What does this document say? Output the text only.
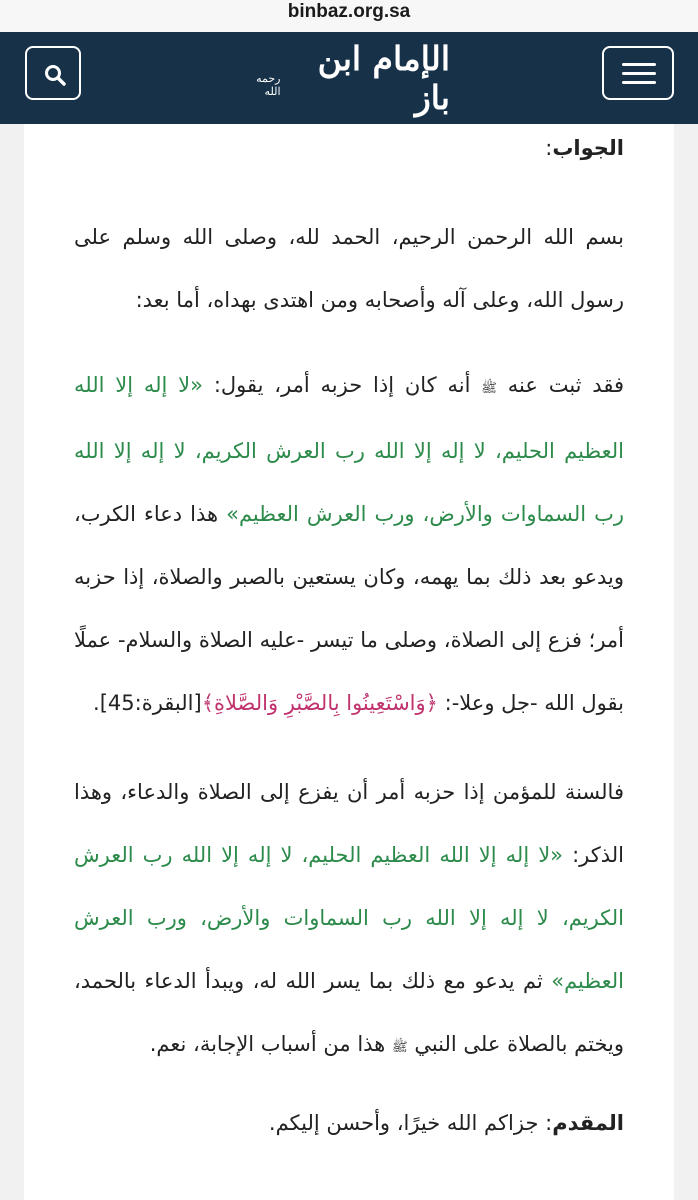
binbaz.org.sa
الإمام ابن باز
رحمه الله
الجواب:

بسم الله الرحمن الرحيم، الحمد لله، وصلى الله وسلم على رسول الله، وعلى آله وأصحابه ومن اهتدى بهداه، أما بعد:

فقد ثبت عنه ﷺ أنه كان إذا حزبه أمر، يقول: «لا إله إلا الله العظيم الحليم، لا إله إلا الله رب العرش الكريم، لا إله إلا الله رب السماوات والأرض، ورب العرش العظيم» هذا دعاء الكرب، ويدعو بعد ذلك بما يهمه، وكان يستعين بالصبر والصلاة، إذا حزبه أمر؛ فزع إلى الصلاة، وصلى ما تيسر -عليه الصلاة والسلام- عملًا بقول الله -جل وعلا-: ﴿وَاسْتَعِينُوا بِالصَّبْرِ وَالصَّلاةِ﴾[البقرة:45].

فالسنة للمؤمن إذا حزبه أمر أن يفزع إلى الصلاة والدعاء، وهذا الذكر: «لا إله إلا الله العظيم الحليم، لا إله إلا الله رب العرش الكريم، لا إله إلا الله رب السماوات والأرض، ورب العرش العظيم» ثم يدعو مع ذلك بما يسر الله له، ويبدأ الدعاء بالحمد، ويختم بالصلاة على النبي ﷺ هذا من أسباب الإجابة، نعم.

المقدم: جزاكم الله خيرًا، وأحسن إليكم.
